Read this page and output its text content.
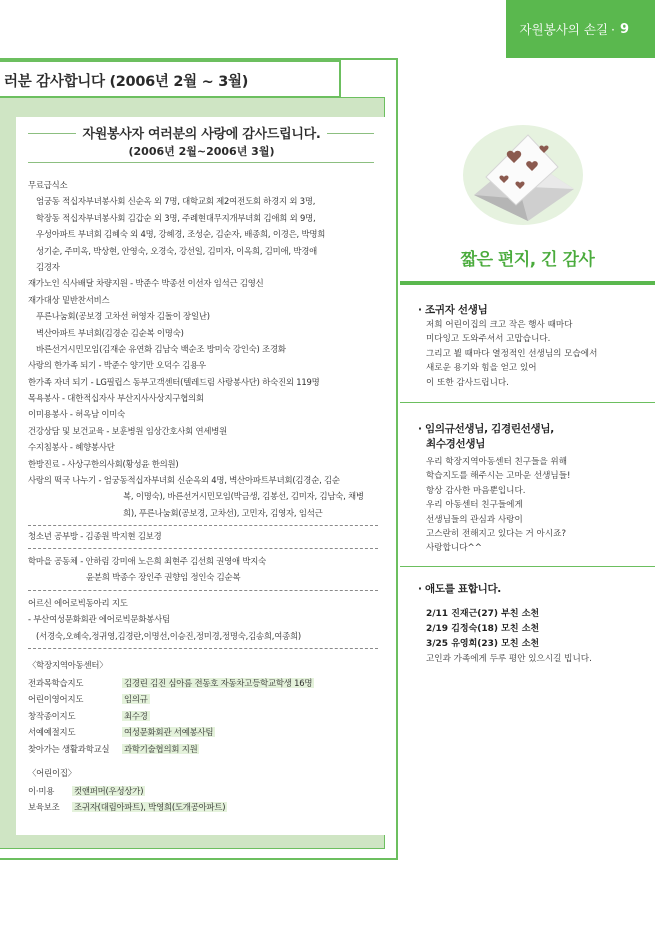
자원봉사의 손길 · 9
러분 감사합니다 (2006년 2월 ~ 3월)
자원봉사자 여러분의 사랑에 감사드립니다.
(2006년 2월~2006년 3월)
무료급식소
엄궁동 적십자부녀봉사회 신순옥 외 7명, 대학교회 제2여전도회 하경지 외 3명,
학장동 적십자부녀봉사회 김갑순 외 3명, 주례현대무지개부녀회 김애희 외 9명,
우성아파트 부녀회 김혜숙 외 4명, 강혜경, 조성순, 김순자, 배종희, 이경은, 박명희
성기순, 주미옥, 박상현, 안영숙, 오경숙, 강선일, 김미자, 이옥희, 김미애, 박경애
김경자
재가노인 식사배달 차량지원 - 박준수 박종선 이선자 임석근 김영신
재가대상 밑반찬서비스
푸른나눔회(공보경 고차선 허영자 김돌이 장일난)
벽산아파트 부녀회(김경순 김순복 이명숙)
바른선거시민모임(김재순 유연화 김남숙 백순조 방미숙 강인숙) 조경화
사랑의 한가족 되기 - 박준수 양기만 오덕수 김용우
한가족 자녀 되기 - LG필립스 동부고객센터(텔레드림 사랑봉사단) 하숙진외 119명
목욕봉사 - 대한적십자사 부산지사사상지구협의회
이미용봉사 - 허옥남 이미숙
건강상담 및 보건교육 - 보훈병원 임상간호사회 연세병원
수지침봉사 - 혜향봉사단
한방진료 - 사상구한의사회(황성윤 한의원)
사랑의 떡국 나누기 - 엄궁동적십자부녀회 신순옥외 4명, 벽산아파트부녀회(김경순, 김순
복, 이명숙), 바른선거시민모임(박금생, 김봉선, 김미자, 김남숙, 채병
희), 푸른나눔회(공보경, 고차선), 고민자, 김영자, 임석근
청소년 공부방 - 김종원 박지현 김보경
학마을 공동체 - 안하림 강미애 노은희 최현주 김선희 권영애 박지숙
윤분희 박종수 장인주 권향임 정인숙 김순복
어르신 에어로빅동아리 지도
- 부산여성문화회관 에어로빅문화봉사팀
(서경숙,오혜숙,정귀영,김경란,이명선,이승진,정미경,정명숙,김송희,여종희)
〈학장지역아동센터〉
전과목학습지도	김경린 김진 심아름 전동호 자동차고등학교학생 16명
어린이영어지도	임의규
창작종이지도	최수경
서예예절지도	여성문화회관 서예봉사팀
찾아가는 생활과학교실 과학기술협의회 지원
〈어린이집〉
이·미용 컷앤퍼머(우성상가)
보육보조 조귀자(대림아파트), 박영희(도개공아파트)
짧은 편지, 긴 감사
· 조귀자 선생님
저희 어린이집의 크고 작은 행사 때마다
미다잉고 도와주셔서 고맙습니다.
그리고 뵐 때마다 열정적인 선생님의 모습에서
새로운 용기와 힘을 얻고 있어
이 또한 감사드립니다.
· 임의규선생님, 김경린선생님,
최수경선생님
우리 학장지역아동센터 친구들을 위해
학습지도를 해주시는 고마운 선생님들!
항상 감사한 마음뿐입니다.
우리 아동센터 친구들에게
선생님들의 관심과 사랑이
고스란히 전해지고 있다는 거 아시죠?
사랑합니다^^
· 애도를 표합니다.
2/11 진재근(27) 부친 소천
2/19 김정숙(18) 모친 소천
3/25 유영희(23) 모친 소천
고인과 가족에게 두루 평안 있으시길 빕니다.
